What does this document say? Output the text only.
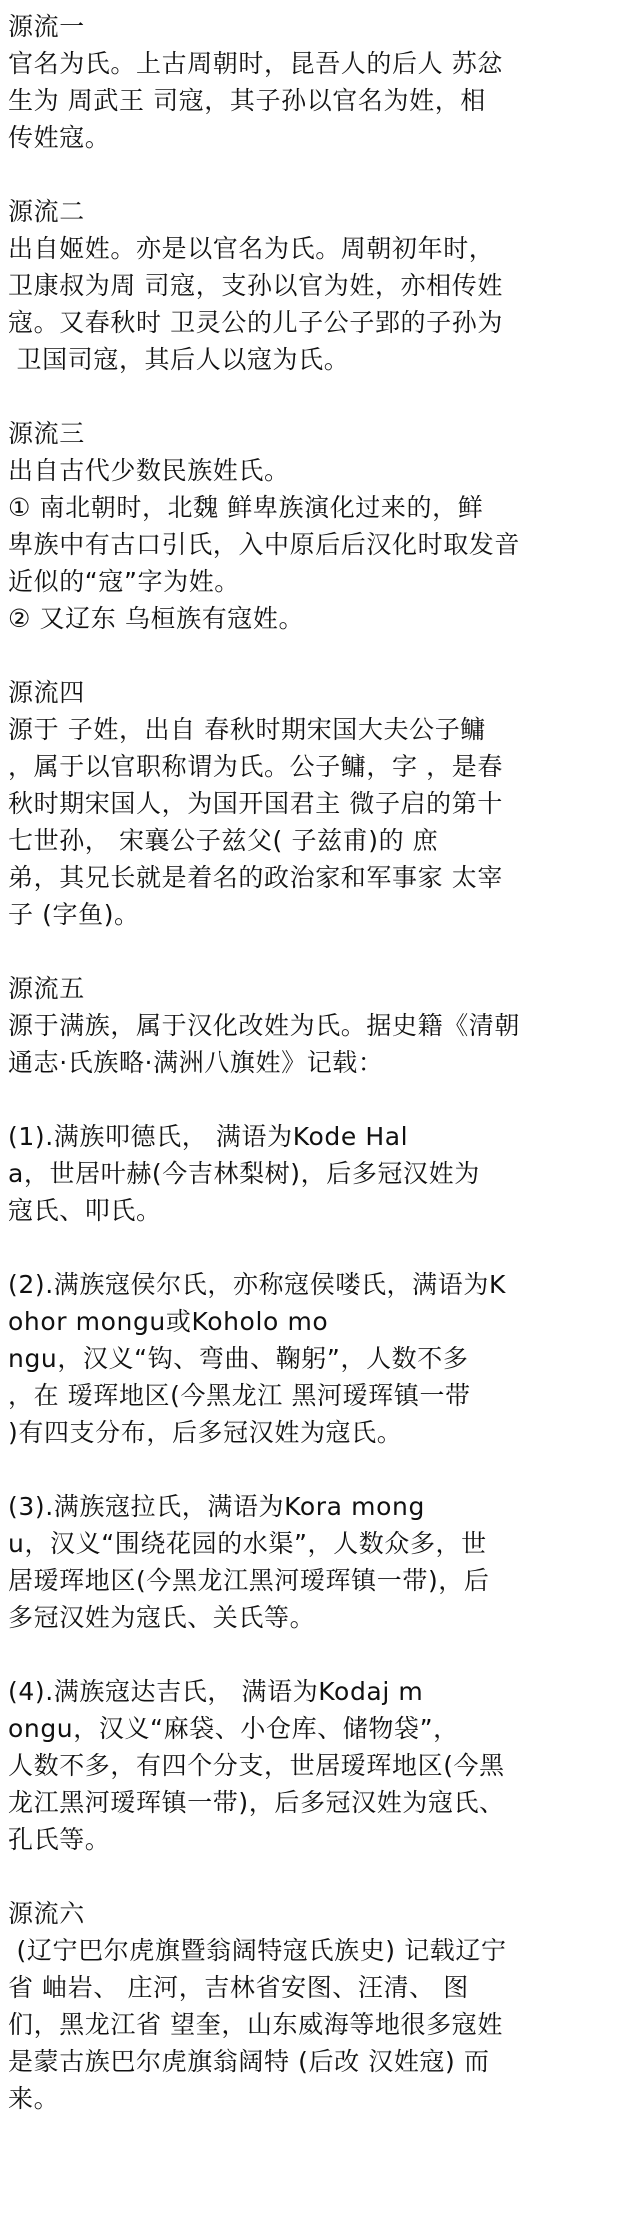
源流一
官名为氏。上古周朝时，昆吾人的后人 苏忿
生为 周武王 司寇，其子孙以官名为姓，相
传姓寇。
源流二
出自姬姓。亦是以官名为氏。周朝初年时，
卫康叔为周 司寇，支孙以官为姓，亦相传姓
寇。又春秋时 卫灵公的儿子公子郢的子孙为
卫国司寇，其后人以寇为氏。
源流三
出自古代少数民族姓氏。
① 南北朝时，北魏 鲜卑族演化过来的，鲜
卑族中有古口引氏，入中原后后汉化时取发音
近似的“寇”字为姓。
② 又辽东 乌桓族有寇姓。
源流四
源于 子姓，出自 春秋时期宋国大夫公子鳙
，属于以官职称谓为氏。公子鳙，字 ，是春
秋时期宋国人，为国开国君主 微子启的第十
七世孙， 宋襄公子兹父( 子兹甫)的 庶
弟，其兄长就是着名的政治家和军事家 太宰
子 (字鱼)。
源流五
源于满族，属于汉化改姓为氏。据史籍《清朝
通志·氏族略·满洲八旗姓》记载：
(1).满族叩德氏， 满语为Kode Hal
a，世居叶赫(今吉林梨树)，后多冠汉姓为
寇氏、叩氏。
(2).满族寇侯尔氏，亦称寇侯喽氏，满语为K
ohor mongu或Koholo mo
ngu，汉义“钩、弯曲、鞠躬”，人数不多
，在 瑷珲地区(今黑龙江 黑河瑷珲镇一带
)有四支分布，后多冠汉姓为寇氏。
(3).满族寇拉氏，满语为Kora mong
u，汉义“围绕花园的水渠”，人数众多，世
居瑷珲地区(今黑龙江黑河瑷珲镇一带)，后
多冠汉姓为寇氏、关氏等。
(4).满族寇达吉氏， 满语为Kodaj m
ongu，汉义“麻袋、小仓库、储物袋”，
人数不多，有四个分支，世居瑷珲地区(今黑
龙江黑河瑷珲镇一带)，后多冠汉姓为寇氏、
孔氏等。
源流六
(辽宁巴尔虎旗暨翁阔特寇氏族史) 记载辽宁
省 岫岩、 庄河，吉林省安图、汪清、 图
们，黑龙江省 望奎，山东威海等地很多寇姓
是蒙古族巴尔虎旗翁阔特 (后改 汉姓寇) 而
来。
